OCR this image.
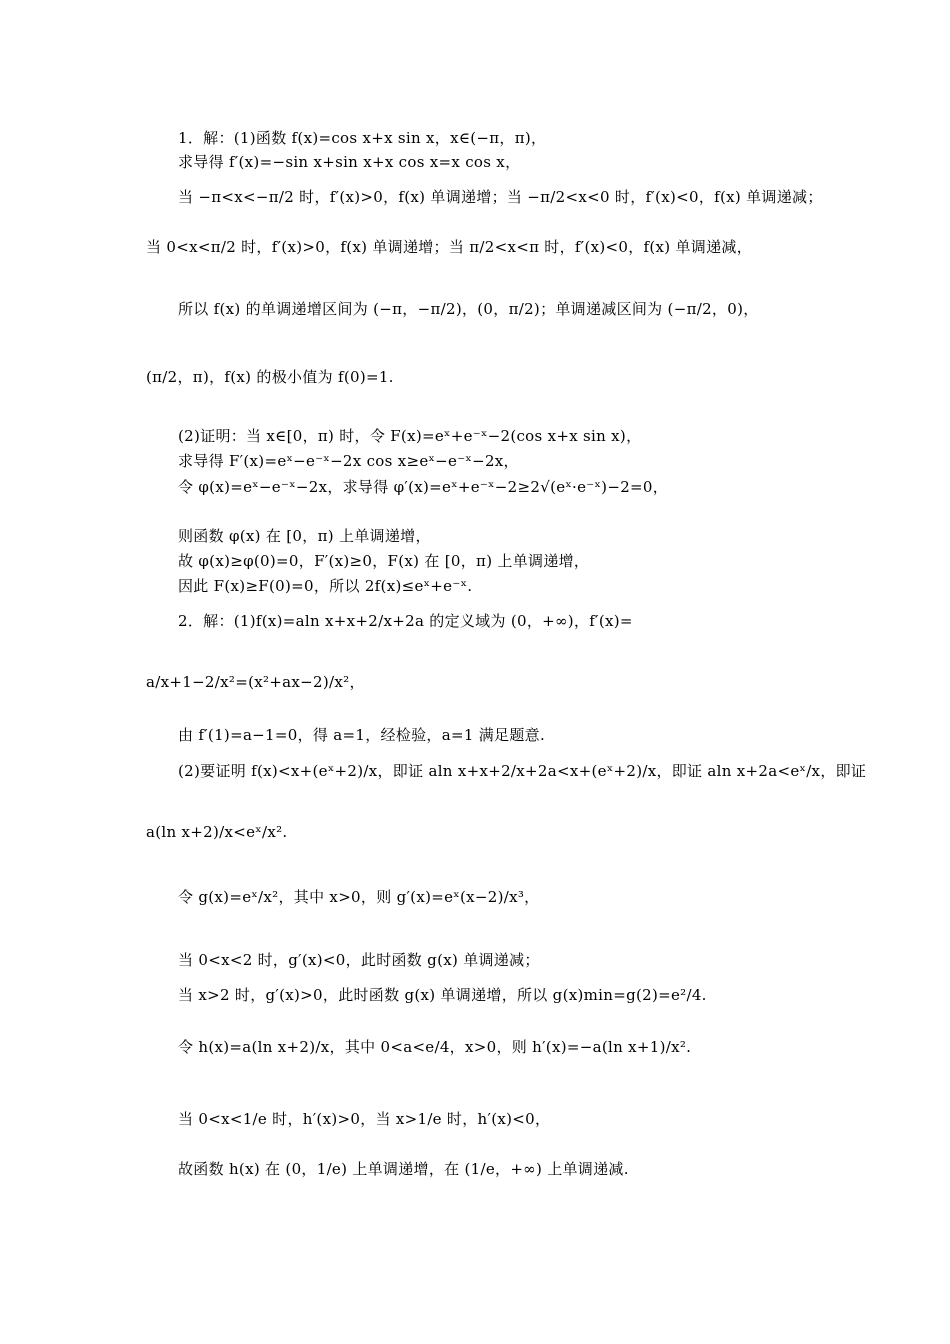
1．解：(1)函数 f(x)=cos x+x sin x，x∈(−π，π)，
求导得 f′(x)=−sin x+sin x+x cos x=x cos x，
当 −π<x<−π/2 时，f′(x)>0，f(x) 单调递增；当 −π/2<x<0 时，f′(x)<0，f(x) 单调递减；
当 0<x<π/2 时，f′(x)>0，f(x) 单调递增；当 π/2<x<π 时，f′(x)<0，f(x) 单调递减，
所以 f(x) 的单调递增区间为 (−π，−π/2)，(0，π/2)；单调递减区间为 (−π/2，0)，
(π/2，π)，f(x) 的极小值为 f(0)=1.
(2)证明：当 x∈[0，π) 时，令 F(x)=eˣ+e⁻ˣ−2(cos x+x sin x)，
求导得 F′(x)=eˣ−e⁻ˣ−2x cos x≥eˣ−e⁻ˣ−2x，
令 φ(x)=eˣ−e⁻ˣ−2x，求导得 φ′(x)=eˣ+e⁻ˣ−2≥2√(eˣ·e⁻ˣ)−2=0，
则函数 φ(x) 在 [0，π) 上单调递增，
故 φ(x)≥φ(0)=0，F′(x)≥0，F(x) 在 [0，π) 上单调递增，
因此 F(x)≥F(0)=0，所以 2f(x)≤eˣ+e⁻ˣ.
2．解：(1)f(x)=aln x+x+2/x+2a 的定义域为 (0，+∞)，f′(x)=
a/x+1−2/x²=(x²+ax−2)/x²，
由 f′(1)=a−1=0，得 a=1，经检验，a=1 满足题意.
(2)要证明 f(x)<x+(eˣ+2)/x，即证 aln x+x+2/x+2a<x+(eˣ+2)/x，即证 aln x+2a<eˣ/x，即证
a(ln x+2)/x<eˣ/x².
令 g(x)=eˣ/x²，其中 x>0，则 g′(x)=eˣ(x−2)/x³，
当 0<x<2 时，g′(x)<0，此时函数 g(x) 单调递减；
当 x>2 时，g′(x)>0，此时函数 g(x) 单调递增，所以 g(x)min=g(2)=e²/4.
令 h(x)=a(ln x+2)/x，其中 0<a<e/4，x>0，则 h′(x)=−a(ln x+1)/x².
当 0<x<1/e 时，h′(x)>0，当 x>1/e 时，h′(x)<0，
故函数 h(x) 在 (0，1/e) 上单调递增，在 (1/e，+∞) 上单调递减.
